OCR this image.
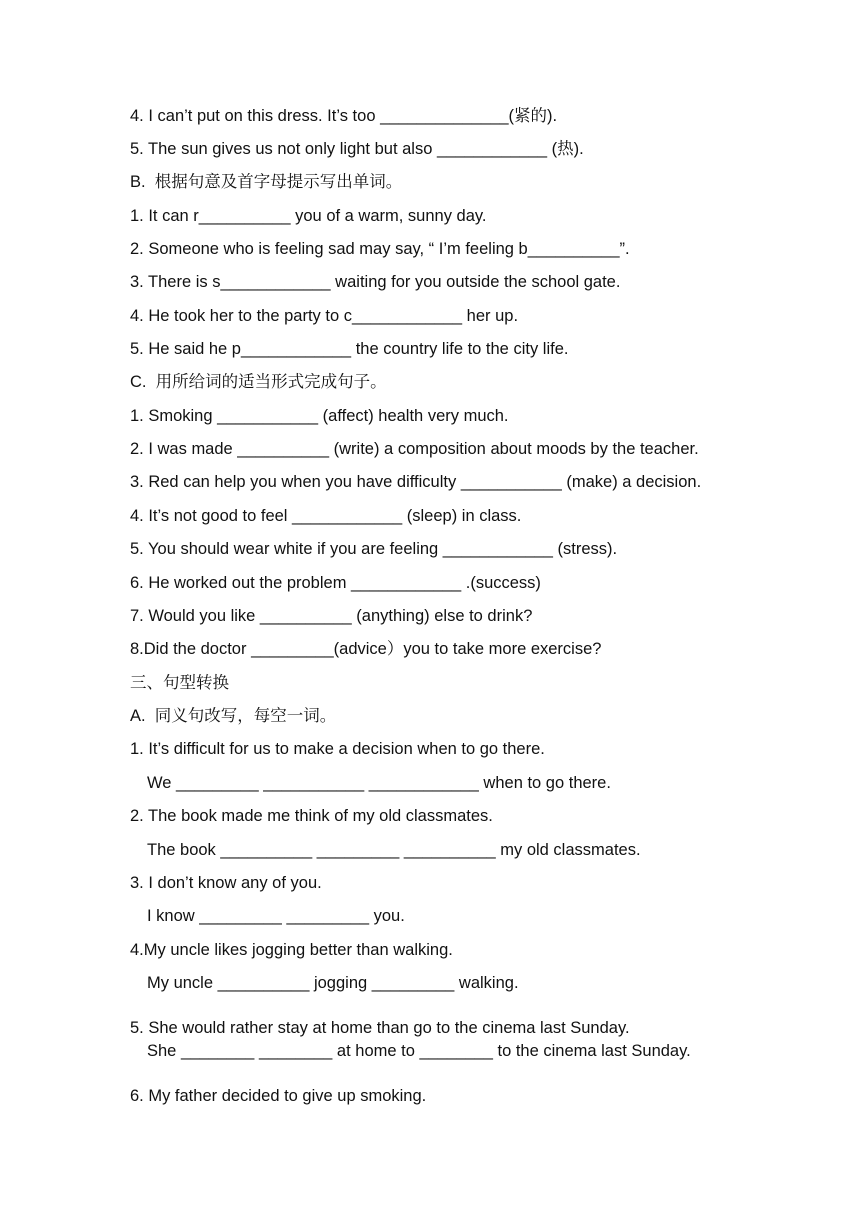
4. I can’t put on this dress. It’s too ______________(紧的).
5. The sun gives us not only light but also ____________ (热).
B.  根据句意及首字母提示写出单词。
1. It can r__________ you of a warm, sunny day.
2. Someone who is feeling sad may say, “ I’m feeling b__________”.
3. There is s____________ waiting for you outside the school gate.
4. He took her to the party to c____________ her up.
5. He said he p____________ the country life to the city life.
C.  用所给词的适当形式完成句子。
1. Smoking ___________ (affect) health very much.
2. I was made __________ (write) a composition about moods by the teacher.
3. Red can help you when you have difficulty ___________ (make) a decision.
4. It’s not good to feel ____________ (sleep) in class.
5. You should wear white if you are feeling ____________ (stress).
6. He worked out the problem ____________ .(success)
7. Would you like __________ (anything) else to drink?
8.Did the doctor _________(advice）you to take more exercise?
三、句型转换
A.  同义句改写，每空一词。
1. It’s difficult for us to make a decision when to go there.
We _________ ___________ ____________ when to go there.
2. The book made me think of my old classmates.
The book __________ _________ __________ my old classmates.
3. I don’t know any of you.
I know _________ _________ you.
4.My uncle likes jogging better than walking.
My uncle __________ jogging _________ walking.
5. She would rather stay at home than go to the cinema last Sunday.
She ________ ________ at home to ________ to the cinema last Sunday.
6. My father decided to give up smoking.
